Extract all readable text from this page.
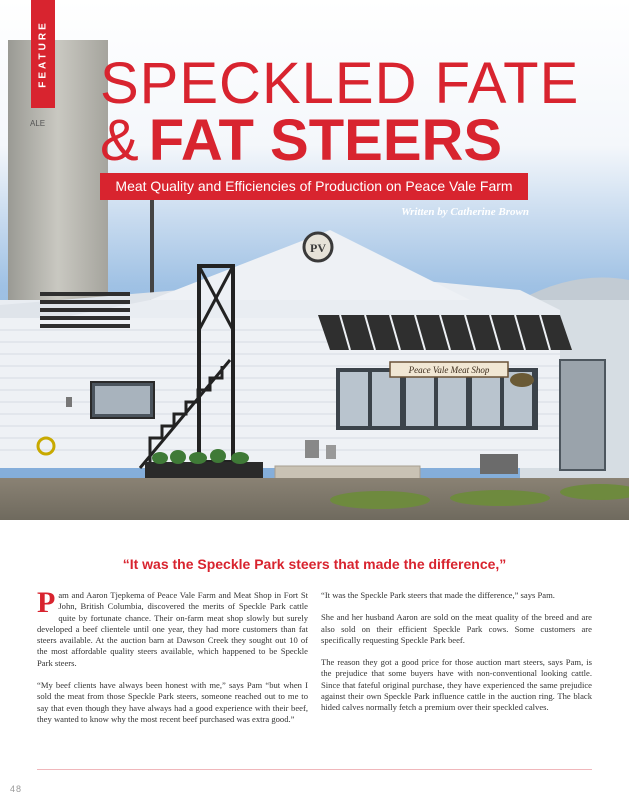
ALE
PV
Peace Vale Meat Shop
FEATURE SPECKLED FATE
& FAT STEERS
Meat Quality and Efficiencies of Production on Peace Vale Farm
Written by Catherine Brown
“It was the Speckle Park steers that made the difference,”

Pam and Aaron Tjepkema of Peace Vale Farm and Meat Shop in Fort St John, British Columbia, discovered the merits of Speckle Park cattle quite by fortunate chance. Their on-farm meat shop slowly but surely developed a beef clientele until one year, they had more customers than fat steers available. At the auction barn at Dawson Creek they sought out 10 of the most affordable quality steers available, which happened to be Speckle Park steers.

“My beef clients have always been honest with me,” says Pam “but when I sold the meat from those Speckle Park steers, someone reached out to me to say that even though they have always had a good experience with their beef, they wanted to know why the most recent beef purchased was extra good.”

“It was the Speckle Park steers that made the difference,” says Pam.

She and her husband Aaron are sold on the meat quality of the breed and are also sold on their efficient Speckle Park cows. Some customers are specifically requesting Speckle Park beef.

The reason they got a good price for those auction mart steers, says Pam, is the prejudice that some buyers have with non-conventional looking cattle. Since that fateful original purchase, they have experienced the same prejudice against their own Speckle Park influence cattle in the auction ring. The black hided calves normally fetch a premium over their speckled calves.

48
